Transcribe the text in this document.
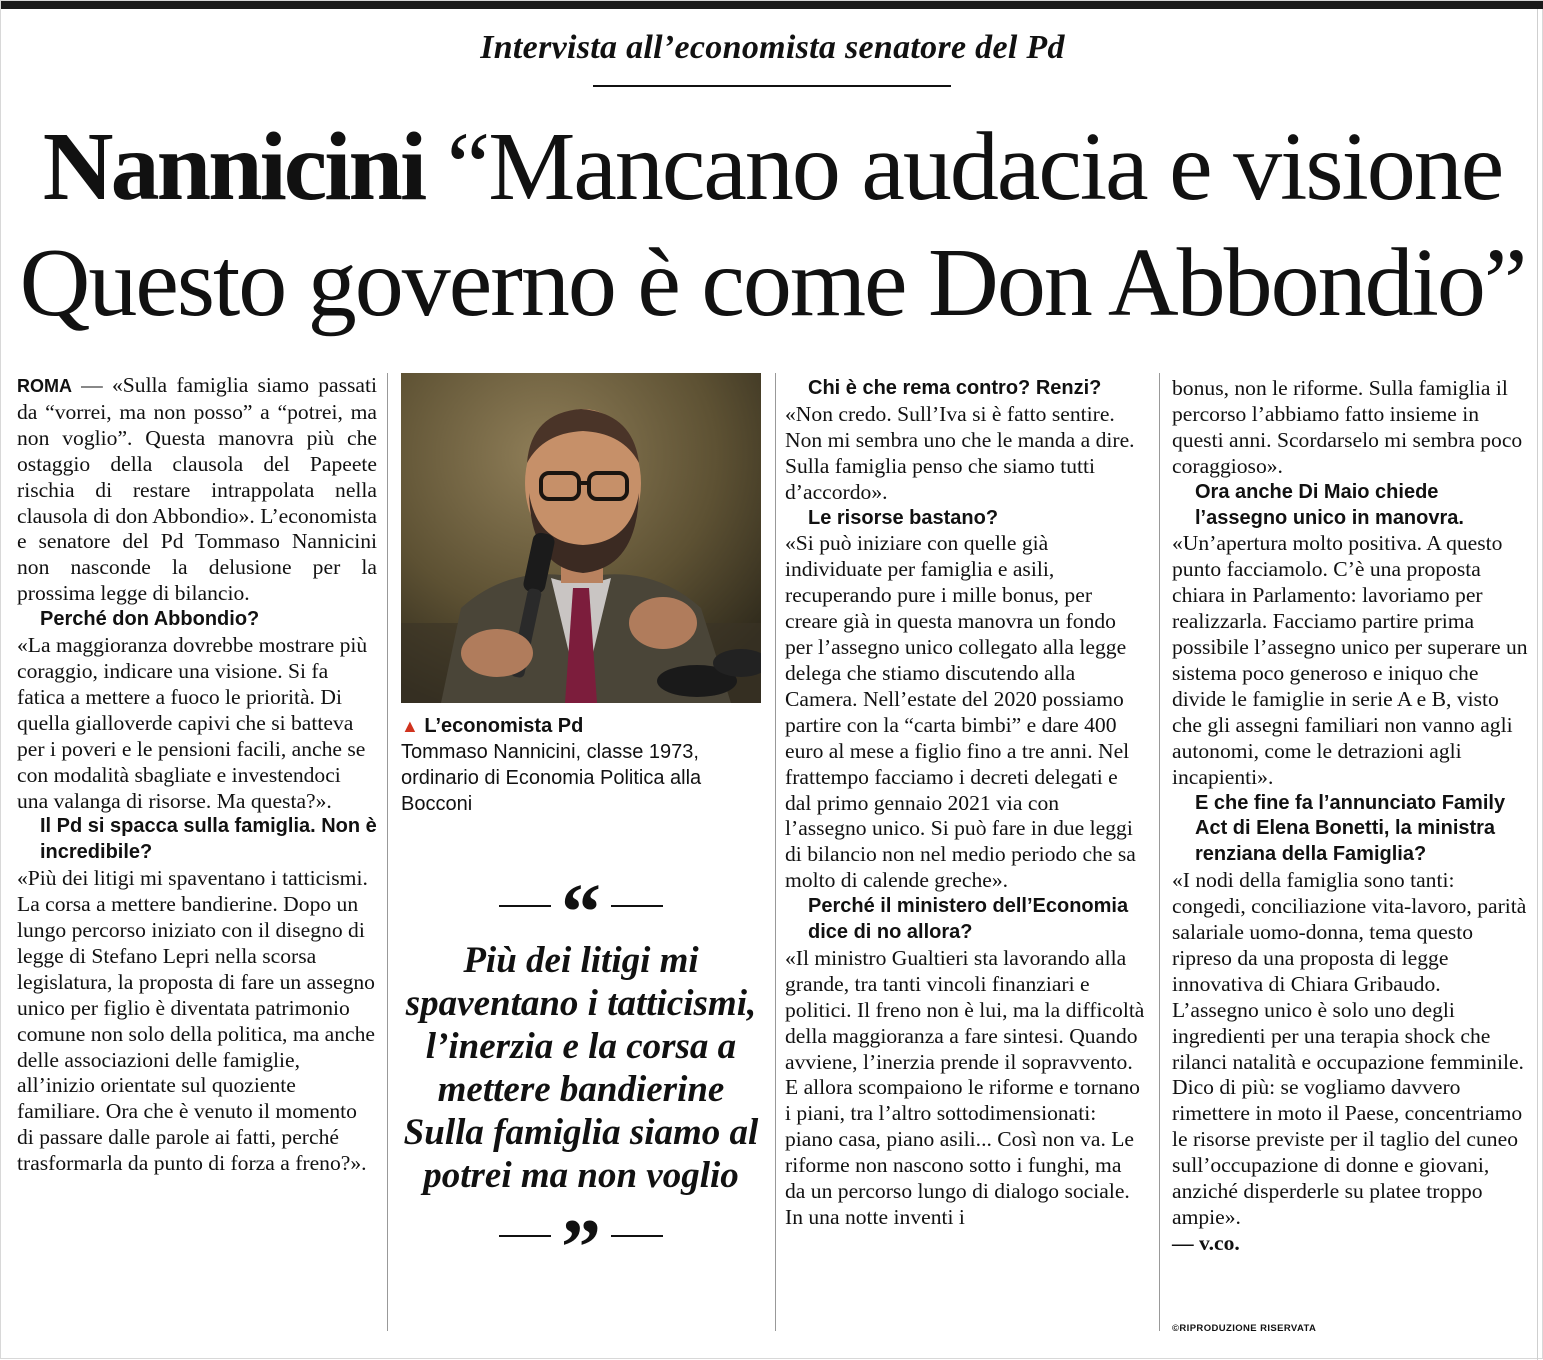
Intervista all’economista senatore del Pd
Nannicini “Mancano audacia e visione
Questo governo è come Don Abbondio”

ROMA — «Sulla famiglia siamo passati da “vorrei, ma non posso” a “potrei, ma non voglio”. Questa manovra più che ostaggio della clausola del Papeete rischia di restare intrappolata nella clausola di don Abbondio». L’economista e senatore del Pd Tommaso Nannicini non nasconde la delusione per la prossima legge di bilancio.

Perché don Abbondio?

«La maggioranza dovrebbe mostrare più coraggio, indicare una visione. Si fa fatica a mettere a fuoco le priorità. Di quella gialloverde capivi che si batteva per i poveri e le pensioni facili, anche se con modalità sbagliate e investendoci una valanga di risorse. Ma questa?».

Il Pd si spacca sulla famiglia. Non è incredibile?

«Più dei litigi mi spaventano i tatticismi. La corsa a mettere bandierine. Dopo un lungo percorso iniziato con il disegno di legge di Stefano Lepri nella scorsa legislatura, la proposta di fare un assegno unico per figlio è diventata patrimonio comune non solo della politica, ma anche delle associazioni delle famiglie, all’inizio orientate sul quoziente familiare. Ora che è venuto il momento di passare dalle parole ai fatti, perché trasformarla da punto di forza a freno?».

▲ L’economista Pd
Tommaso Nannicini, classe 1973, ordinario di Economia Politica alla Bocconi
“
Più dei litigi mi spaventano i tatticismi, l’inerzia e la corsa a mettere bandierine Sulla famiglia siamo al potrei ma non voglio
”
Chi è che rema contro? Renzi?

«Non credo. Sull’Iva si è fatto sentire. Non mi sembra uno che le manda a dire. Sulla famiglia penso che siamo tutti d’accordo».

Le risorse bastano?

«Si può iniziare con quelle già individuate per famiglia e asili, recuperando pure i mille bonus, per creare già in questa manovra un fondo per l’assegno unico collegato alla legge delega che stiamo discutendo alla Camera. Nell’estate del 2020 possiamo partire con la “carta bimbi” e dare 400 euro al mese a figlio fino a tre anni. Nel frattempo facciamo i decreti delegati e dal primo gennaio 2021 via con l’assegno unico. Si può fare in due leggi di bilancio non nel medio periodo che sa molto di calende greche».

Perché il ministero dell’Economia dice di no allora?

«Il ministro Gualtieri sta lavorando alla grande, tra tanti vincoli finanziari e politici. Il freno non è lui, ma la difficoltà della maggioranza a fare sintesi. Quando avviene, l’inerzia prende il sopravvento. E allora scompaiono le riforme e tornano i piani, tra l’altro sottodimensionati: piano casa, piano asili... Così non va. Le riforme non nascono sotto i funghi, ma da un percorso lungo di dialogo sociale. In una notte inventi i

bonus, non le riforme. Sulla famiglia il percorso l’abbiamo fatto insieme in questi anni. Scordarselo mi sembra poco coraggioso».

Ora anche Di Maio chiede l’assegno unico in manovra.

«Un’apertura molto positiva. A questo punto facciamolo. C’è una proposta chiara in Parlamento: lavoriamo per realizzarla. Facciamo partire prima possibile l’assegno unico per superare un sistema poco generoso e iniquo che divide le famiglie in serie A e B, visto che gli assegni familiari non vanno agli autonomi, come le detrazioni agli incapienti».

E che fine fa l’annunciato Family Act di Elena Bonetti, la ministra renziana della Famiglia?

«I nodi della famiglia sono tanti: congedi, conciliazione vita-lavoro, parità salariale uomo-donna, tema questo ripreso da una proposta di legge innovativa di Chiara Gribaudo. L’assegno unico è solo uno degli ingredienti per una terapia shock che rilanci natalità e occupazione femminile. Dico di più: se vogliamo davvero rimettere in moto il Paese, concentriamo le risorse previste per il taglio del cuneo sull’occupazione di donne e giovani, anziché disperderle su platee troppo ampie».

— v.co.

©RIPRODUZIONE RISERVATA
